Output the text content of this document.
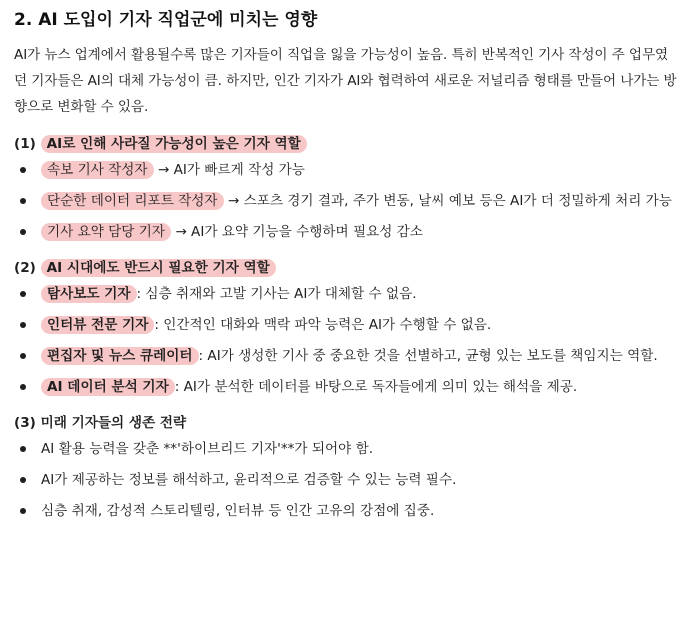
2. AI 도입이 기자 직업군에 미치는 영향

AI가 뉴스 업계에서 활용될수록 많은 기자들이 직업을 잃을 가능성이 높음. 특히 반복적인 기사 작성이 주 업무였던 기자들은 AI의 대체 가능성이 큼. 하지만, 인간 기자가 AI와 협력하여 새로운 저널리즘 형태를 만들어 나가는 방향으로 변화할 수 있음.

(1) AI로 인해 사라질 가능성이 높은 기자 역할
속보 기사 작성자 → AI가 빠르게 작성 가능
단순한 데이터 리포트 작성자 → 스포츠 경기 결과, 주가 변동, 날씨 예보 등은 AI가 더 정밀하게 처리 가능
기사 요약 담당 기자 → AI가 요약 기능을 수행하며 필요성 감소
(2) AI 시대에도 반드시 필요한 기자 역할
탐사보도 기자 : 심층 취재와 고발 기사는 AI가 대체할 수 없음.
인터뷰 전문 기자 : 인간적인 대화와 맥락 파악 능력은 AI가 수행할 수 없음.
편집자 및 뉴스 큐레이터 : AI가 생성한 기사 중 중요한 것을 선별하고, 균형 있는 보도를 책임지는 역할.
AI 데이터 분석 기자 : AI가 분석한 데이터를 바탕으로 독자들에게 의미 있는 해석을 제공.
(3) 미래 기자들의 생존 전략
AI 활용 능력을 갖춘 **'하이브리드 기자'**가 되어야 함.
AI가 제공하는 정보를 해석하고, 윤리적으로 검증할 수 있는 능력 필수.
심층 취재, 감성적 스토리텔링, 인터뷰 등 인간 고유의 강점에 집중.
